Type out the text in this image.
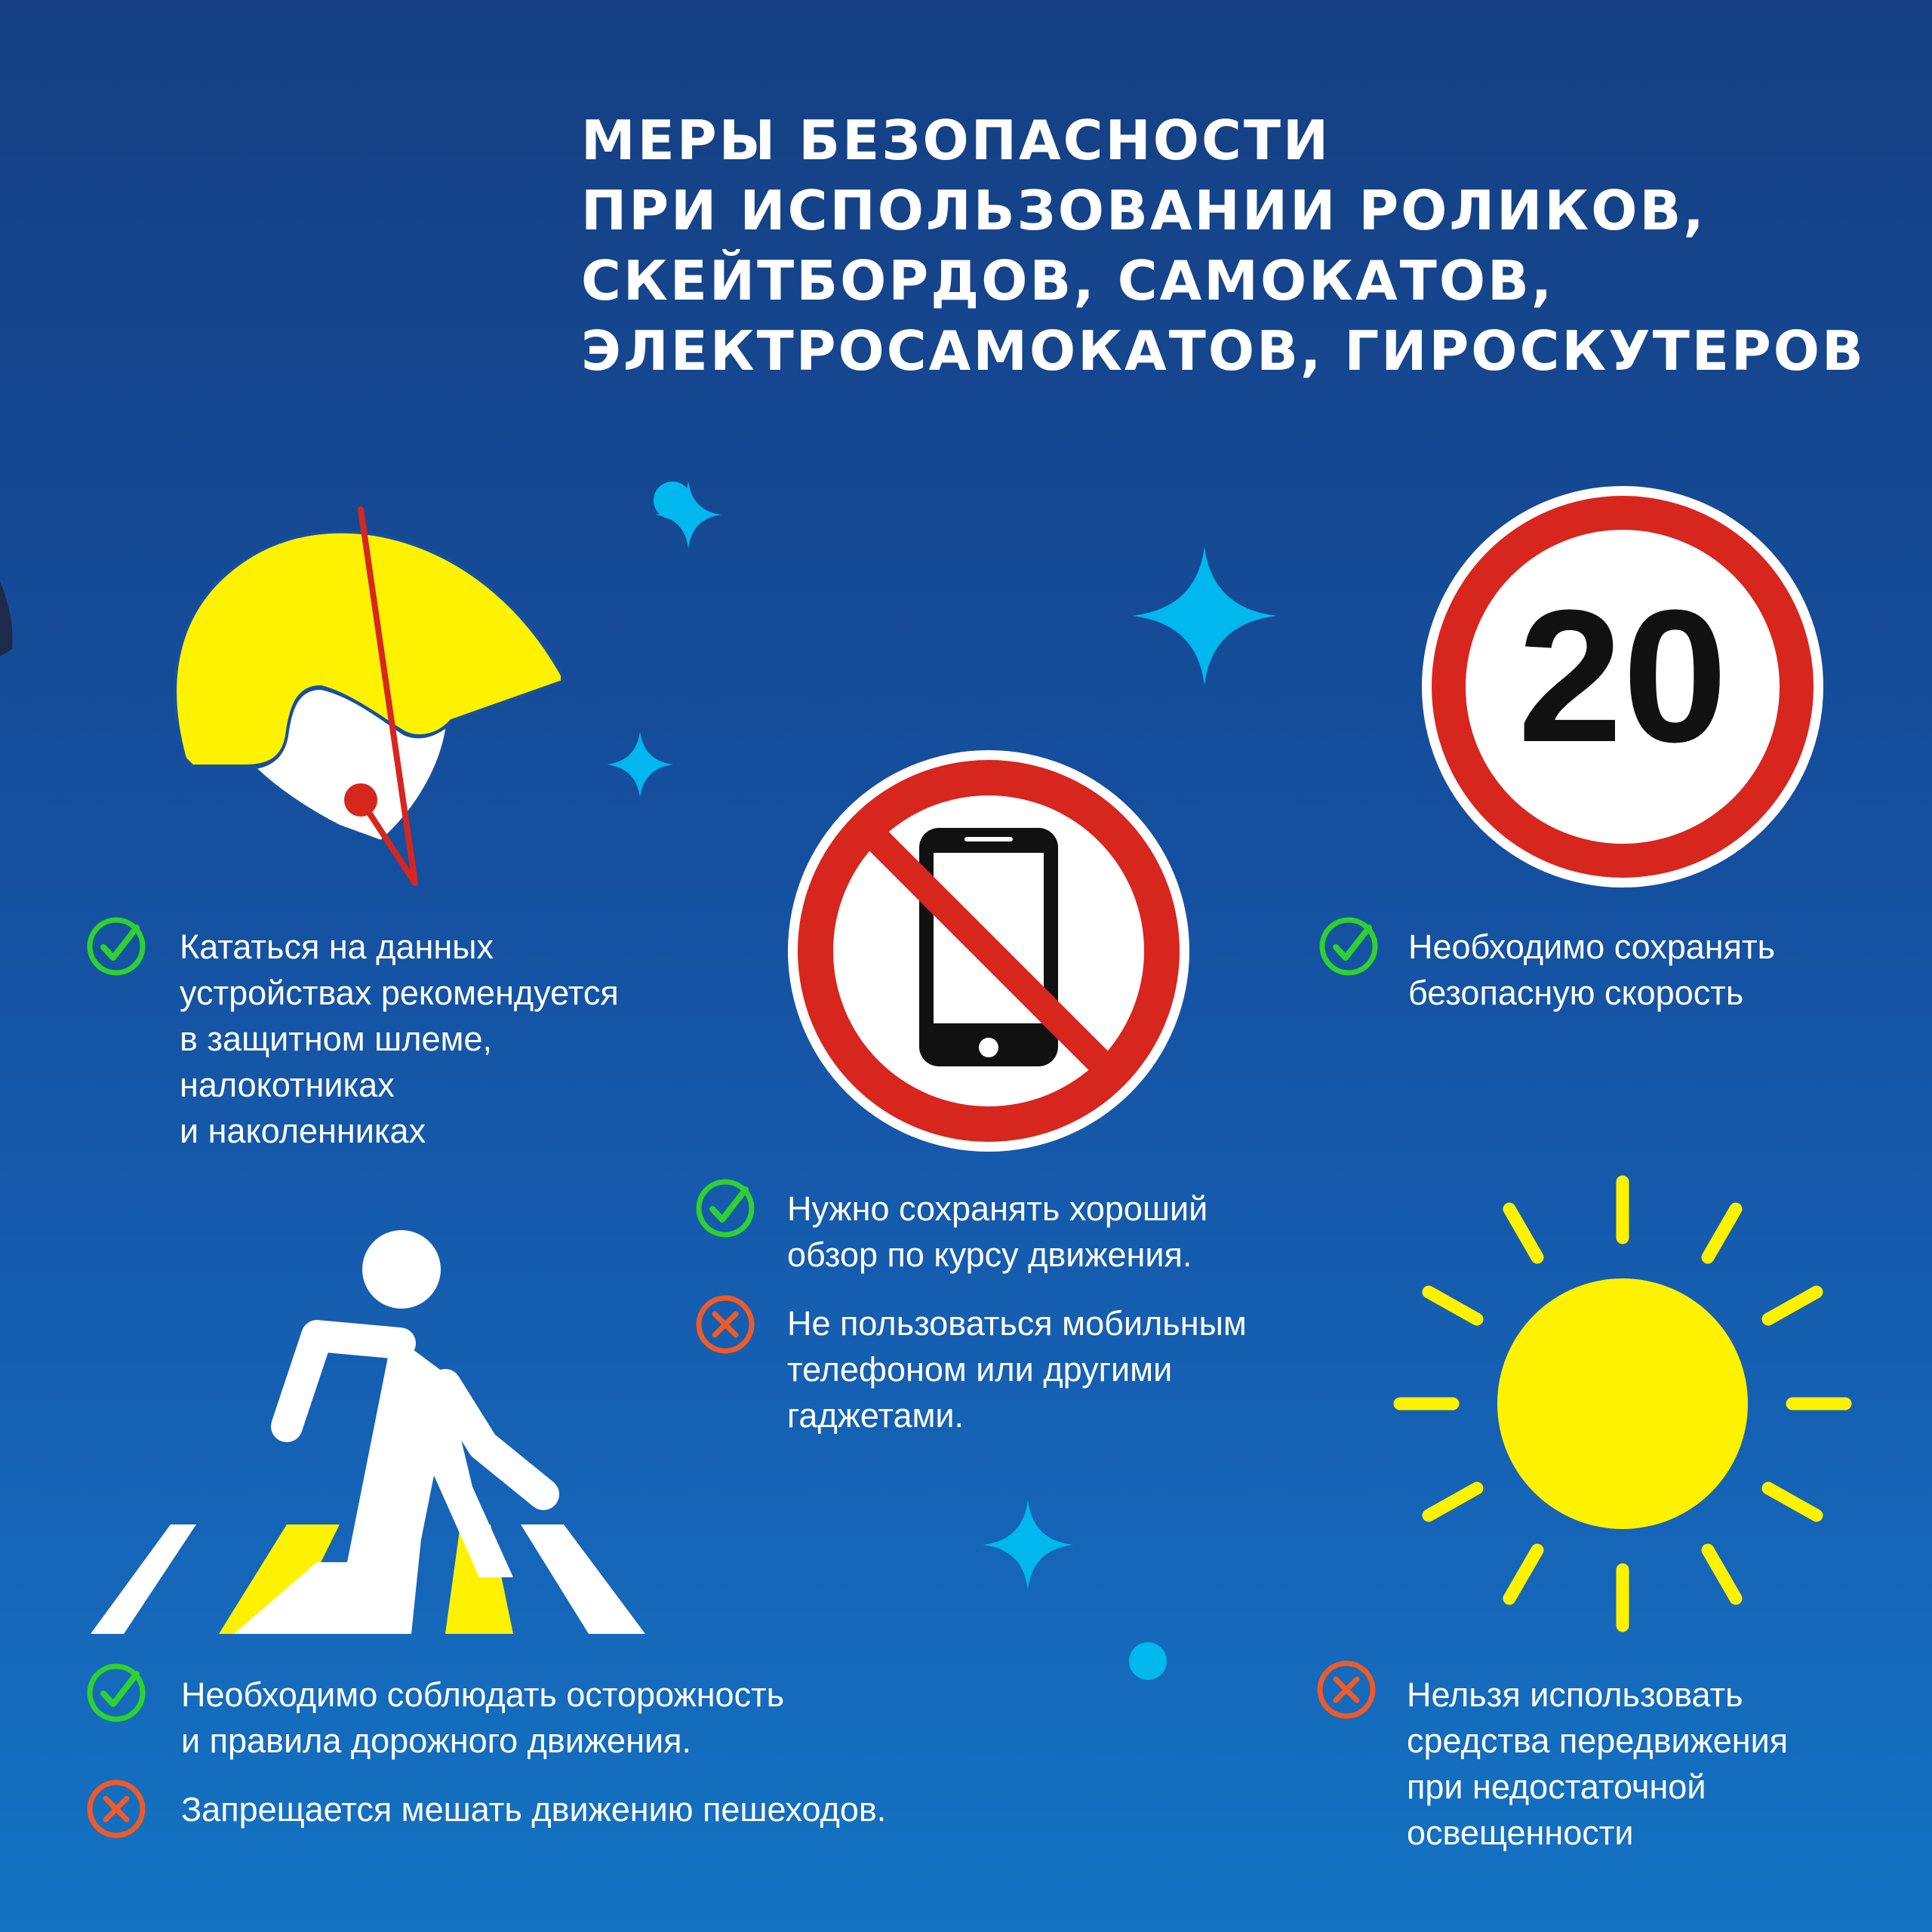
МЕРЫ БЕЗОПАСНОСТИ
ПРИ ИСПОЛЬЗОВАНИИ РОЛИКОВ,
СКЕЙТБОРДОВ, САМОКАТОВ,
ЭЛЕКТРОСАМОКАТОВ, ГИРОСКУТЕРОВ
20
Кататься на данных
устройствах рекомендуется
в защитном шлеме,
налокотниках
и наколенниках
Необходимо сохранять
безопасную скорость
Нужно сохранять хороший
обзор по курсу движения.
Не пользоваться мобильным
телефоном или другими
гаджетами.
Необходимо соблюдать осторожность
и правила дорожного движения.
Запрещается мешать движению пешеходов.
Нельзя использовать
средства передвижения
при недостаточной
освещенности
